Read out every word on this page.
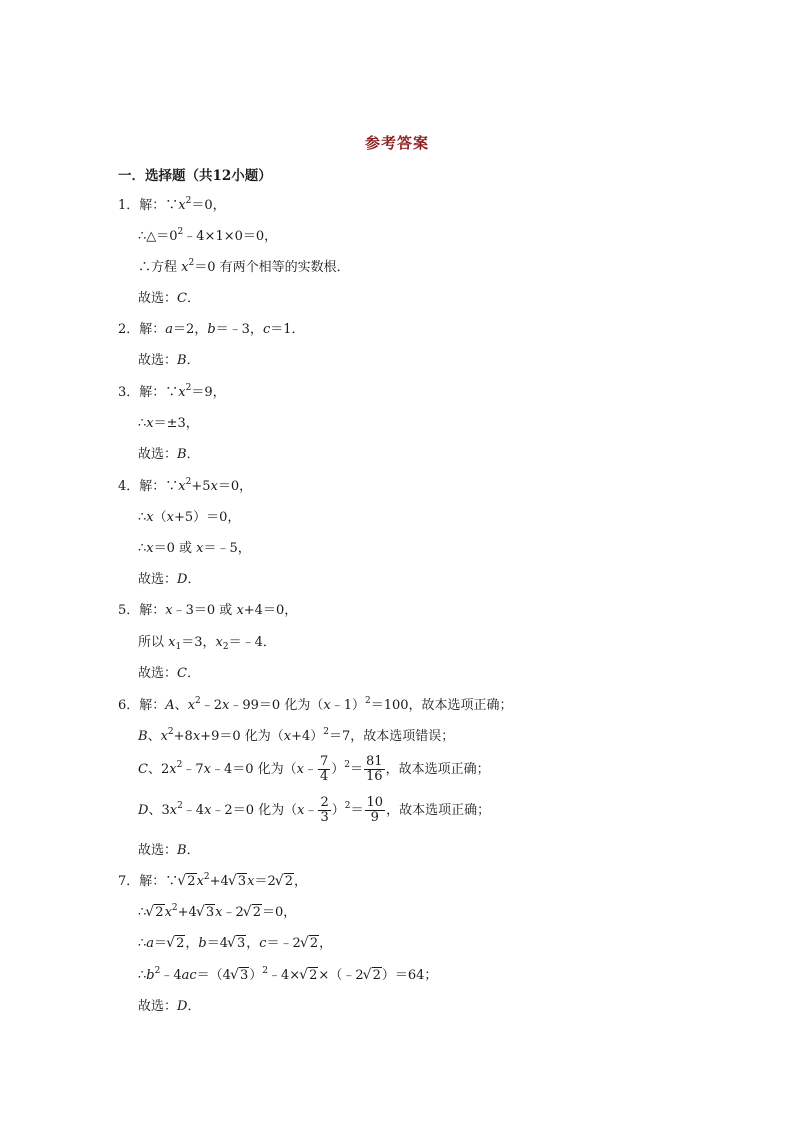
参考答案
一．选择题（共12小题）
1．解：$\because x^2=0$，
$\therefore\triangle=0^2﹣4\times 1\times 0=0$，
∴方程 $x^2=0$ 有两个相等的实数根．
故选：C．
2．解：a＝2，b＝﹣3，c＝1．
故选：B．
3．解：$\because x^2=9$，
∴x＝±3，
故选：B．
4．解：$\because x^2+5x=0$，
∴x（x+5）＝0，
∴x＝0 或 x＝﹣5，
故选：D．
5．解：x﹣3＝0 或 x+4＝0，
所以 $x_1=3$，$x_2=﹣4$．
故选：C．
6．解：A、$x^2﹣2x﹣99=0$ 化为（x﹣1）$^2$＝100，故本选项正确；
B、$x^2+8x+9=0$ 化为$(x+4)^2=7$，故本选项错误；
C、$2x^2﹣7x﹣4=0$ 化为（x﹣ $\frac{7}{4} )^2= \frac{81}{16}$ ，故本选项正确；
D、$3x^2﹣4x﹣2=0$ 化为（x﹣ $\frac{2}{3} )^2= \frac{10}{9}$ ，故本选项正确；
故选：B．
7．解：∵√ $2x^2+4√$ 3x＝2√ 2，
∴√ $2x^2+4√$ 3x﹣2√ 2＝0，
∴a＝√ 2，b＝4√ 3，c＝﹣2√ 2，
$\therefore b^2﹣4ac=(4√$ 3）$^2$﹣4×√ 2×（﹣2√ 2）＝64；
故选：D．
